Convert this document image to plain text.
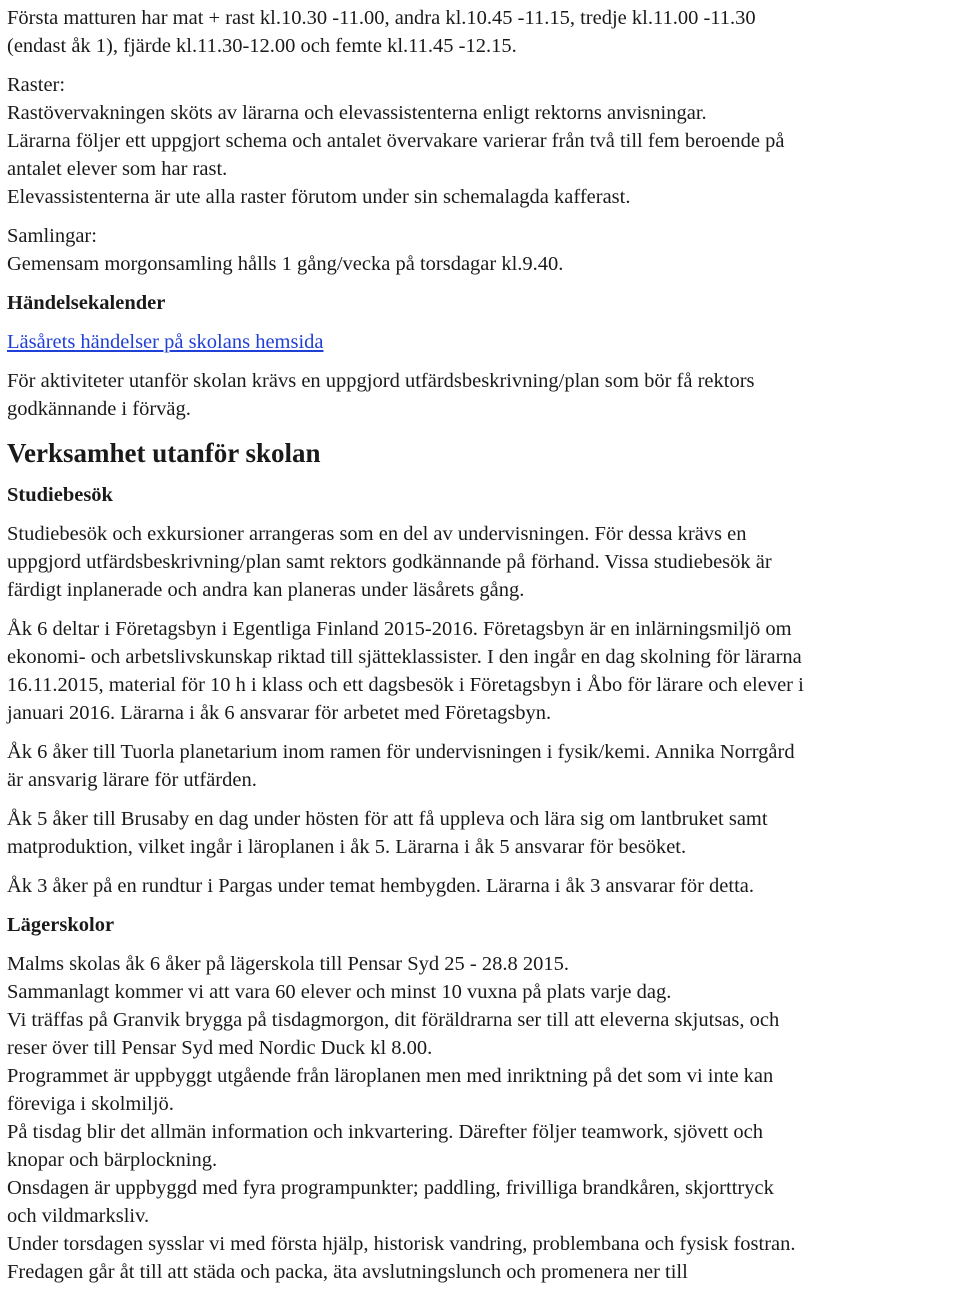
Första matturen har mat + rast kl.10.30 -11.00, andra kl.10.45 -11.15, tredje kl.11.00 -11.30
(endast åk 1), fjärde kl.11.30-12.00 och femte kl.11.45 -12.15.
Raster:
Rastövervakningen sköts av lärarna och elevassistenterna enligt rektorns anvisningar.
Lärarna följer ett uppgjort schema och antalet övervakare varierar från två till fem beroende på
antalet elever som har rast.
Elevassistenterna är ute alla raster förutom under sin schemalagda kafferast.
Samlingar:
Gemensam morgonsamling hålls 1 gång/vecka på torsdagar kl.9.40.
Händelsekalender
Läsårets händelser på skolans hemsida
För aktiviteter utanför skolan krävs en uppgjord utfärdsbeskrivning/plan som bör få rektors
godkännande i förväg.
Verksamhet utanför skolan
Studiebesök
Studiebesök och exkursioner arrangeras som en del av undervisningen. För dessa krävs en
uppgjord utfärdsbeskrivning/plan samt rektors godkännande på förhand. Vissa studiebesök är
färdigt inplanerade och andra kan planeras under läsårets gång.
Åk 6 deltar i Företagsbyn i Egentliga Finland 2015-2016. Företagsbyn är en inlärningsmiljö om
ekonomi- och arbetslivskunskap riktad till sjätteklassister. I den ingår en dag skolning för lärarna
16.11.2015, material för 10 h i klass och ett dagsbesök i Företagsbyn i Åbo för lärare och elever i
januari 2016. Lärarna i åk 6 ansvarar för arbetet med Företagsbyn.
Åk 6 åker till Tuorla planetarium inom ramen för undervisningen i fysik/kemi. Annika Norrgård
är ansvarig lärare för utfärden.
Åk 5 åker till Brusaby en dag under hösten för att få uppleva och lära sig om lantbruket samt
matproduktion, vilket ingår i läroplanen i åk 5. Lärarna i åk 5 ansvarar för besöket.
Åk 3 åker på en rundtur i Pargas under temat hembygden. Lärarna i åk 3 ansvarar för detta.
Lägerskolor
Malms skolas åk 6 åker på lägerskola till Pensar Syd 25 - 28.8 2015.
Sammanlagt kommer vi att vara 60 elever och minst 10 vuxna på plats varje dag.
Vi träffas på Granvik brygga på tisdagmorgon, dit föräldrarna ser till att eleverna skjutsas, och
reser över till Pensar Syd med Nordic Duck kl 8.00.
Programmet är uppbyggt utgående från läroplanen men med inriktning på det som vi inte kan
föreviga i skolmiljö.
På tisdag blir det allmän information och inkvartering. Därefter följer teamwork, sjövett och
knopar och bärplockning.
Onsdagen är uppbyggd med fyra programpunkter; paddling, frivilliga brandkåren, skjorttryck
och vildmarksliv.
Under torsdagen sysslar vi med första hjälp, historisk vandring, problembana och fysisk fostran.
Fredagen går åt till att städa och packa, äta avslutningslunch och promenera ner till
